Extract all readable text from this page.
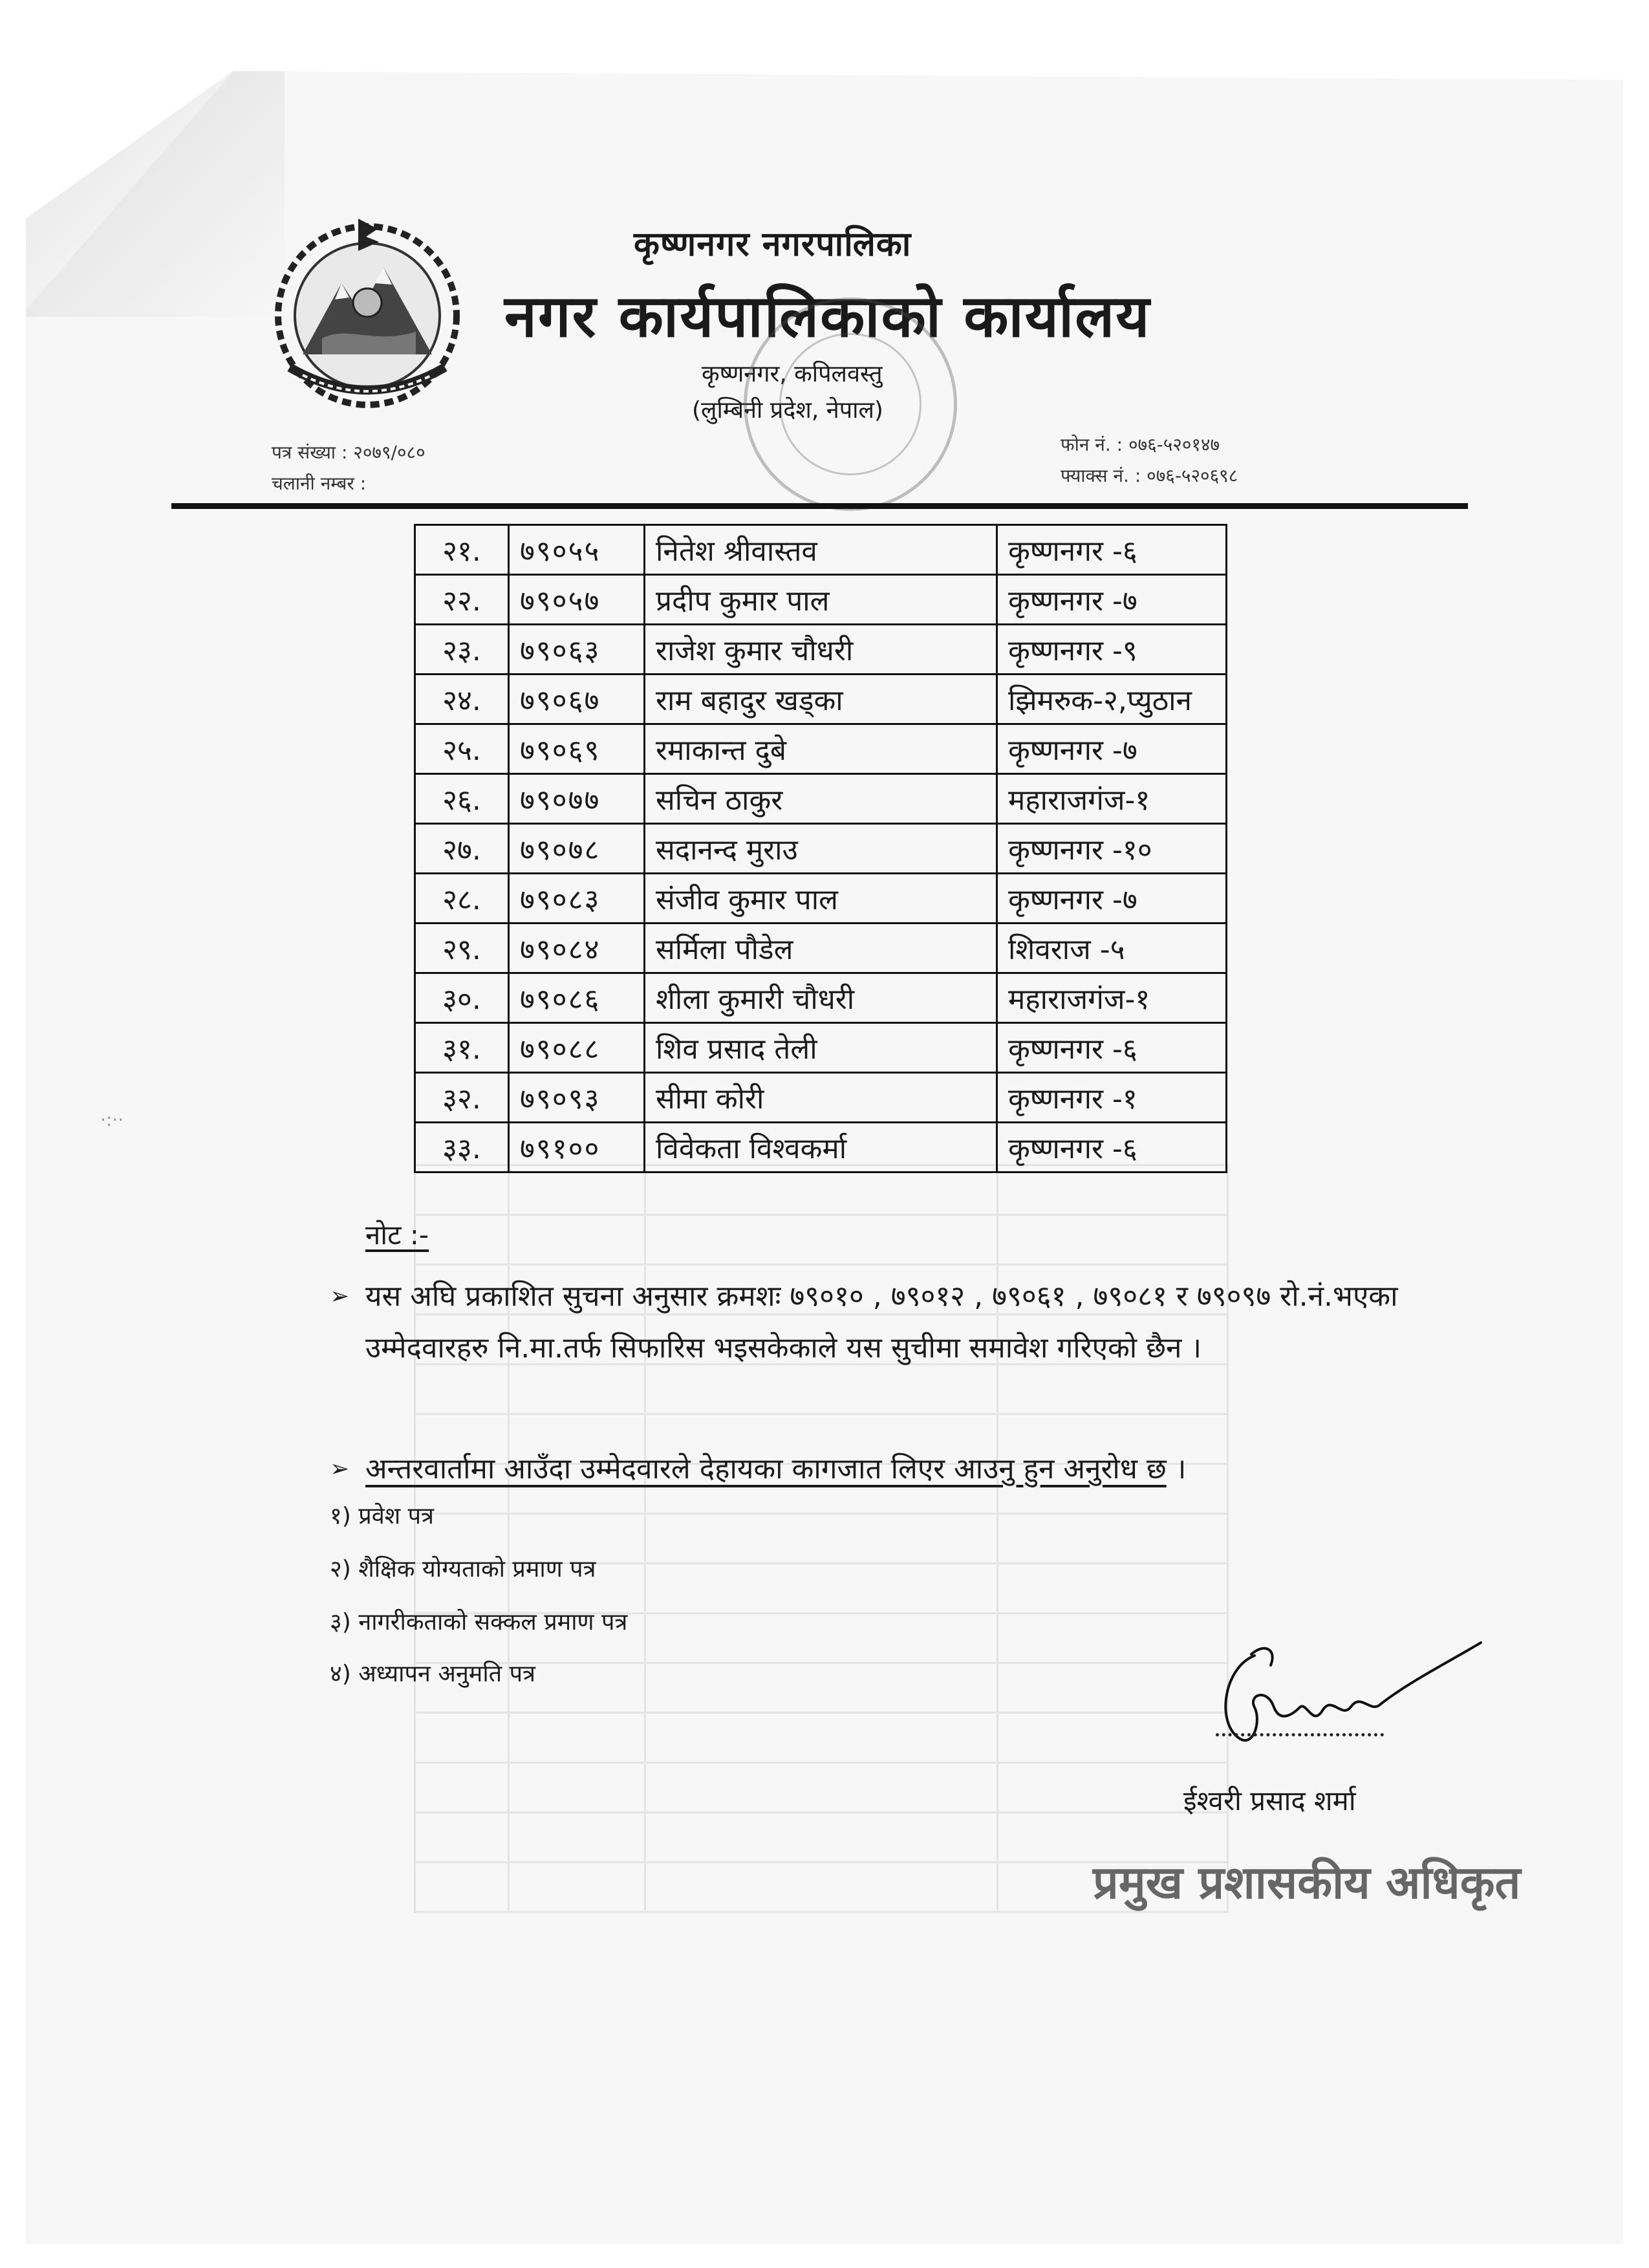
कृष्णनगर नगरपालिका
नगर कार्यपालिकाको कार्यालय
कृष्णनगर, कपिलवस्तु
(लुम्बिनी प्रदेश, नेपाल)
पत्र संख्या : २०७९/०८०
चलानी नम्बर :
फोन नं. : ०७६-५२०१४७
फ्याक्स नं. : ०७६-५२०६९८
२१.	७९०५५	नितेश श्रीवास्तव	कृष्णनगर -६
२२.	७९०५७	प्रदीप कुमार पाल	कृष्णनगर -७
२३.	७९०६३	राजेश कुमार चौधरी	कृष्णनगर -९
२४.	७९०६७	राम बहादुर खड्का	झिमरुक-२,प्युठान
२५.	७९०६९	रमाकान्त दुबे	कृष्णनगर -७
२६.	७९०७७	सचिन ठाकुर	महाराजगंज-१
२७.	७९०७८	सदानन्द मुराउ	कृष्णनगर -१०
२८.	७९०८३	संजीव कुमार पाल	कृष्णनगर -७
२९.	७९०८४	सर्मिला पौडेल	शिवराज -५
३०.	७९०८६	शीला कुमारी चौधरी	महाराजगंज-१
३१.	७९०८८	शिव प्रसाद तेली	कृष्णनगर -६
३२.	७९०९३	सीमा कोरी	कृष्णनगर -१
३३.	७९१००	विवेकता विश्वकर्मा	कृष्णनगर -६
·:··
नोट :-
➢ यस अघि प्रकाशित सुचना अनुसार क्रमशः ७९०१० , ७९०१२ , ७९०६१ , ७९०८१ र ७९०९७ रो.नं.भएका उम्मेदवारहरु नि.मा.तर्फ सिफारिस भइसकेकाले यस सुचीमा समावेश गरिएको छैन ।
➢ अन्तरवार्तामा आउँदा उम्मेदवारले देहायका कागजात लिएर आउनु हुन अनुरोध छ ।
१) प्रवेश पत्र
२) शैक्षिक योग्यताको प्रमाण पत्र
३) नागरीकताको सक्कल प्रमाण पत्र
४) अध्यापन अनुमति पत्र
ईश्वरी प्रसाद शर्मा
प्रमुख प्रशासकीय अधिकृत
